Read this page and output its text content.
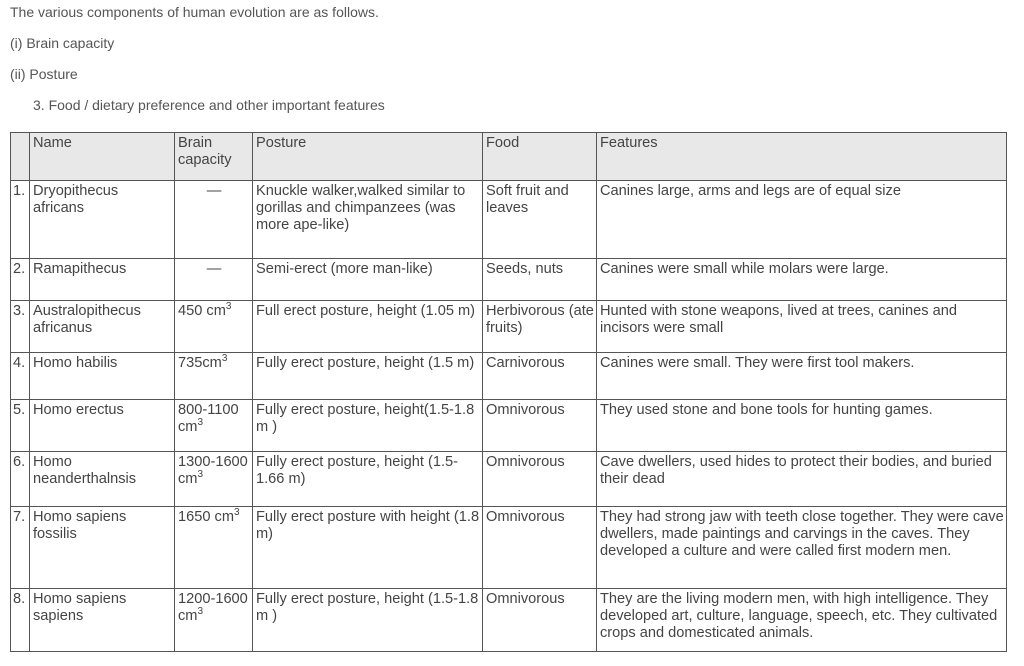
The various components of human evolution are as follows.

(i) Brain capacity

(ii) Posture

3. Food / dietary preference and other important features

	Name	Brain capacity	Posture	Food	Features
1.	Dryopithecus africans	—	Knuckle walker,walked similar to gorillas and chimpanzees (was more ape-like)	Soft fruit and leaves	Canines large, arms and legs are of equal size
2.	Ramapithecus	—	Semi-erect (more man-like)	Seeds, nuts	Canines were small while molars were large.
3.	Australopithecus africanus	450 $cm^3$	Full erect posture, height (1.05 m)	Herbivorous (ate fruits)	Hunted with stone weapons, lived at trees, canines and incisors were small
4.	Homo habilis	$735cm^3$	Fully erect posture, height (1.5 m)	Carnivorous	Canines were small. They were first tool makers.
5.	Homo erectus	800-1100 $cm^3$	Fully erect posture, height(1.5-1.8 m )	Omnivorous	They used stone and bone tools for hunting games.
6.	Homo neanderthalnsis	1300-1600 $cm^3$	Fully erect posture, height (1.5-1.66 m)	Omnivorous	Cave dwellers, used hides to protect their bodies, and buried their dead
7.	Homo sapiens fossilis	1650 $cm^3$	Fully erect posture with height (1.8 m)	Omnivorous	They had strong jaw with teeth close together. They were cave dwellers, made paintings and carvings in the caves. They developed a culture and were called first modern men.
8.	Homo sapiens sapiens	1200-1600 $cm^3$	Fully erect posture, height (1.5-1.8 m )	Omnivorous	They are the living modern men, with high intelligence. They developed art, culture, language, speech, etc. They cultivated crops and domesticated animals.
